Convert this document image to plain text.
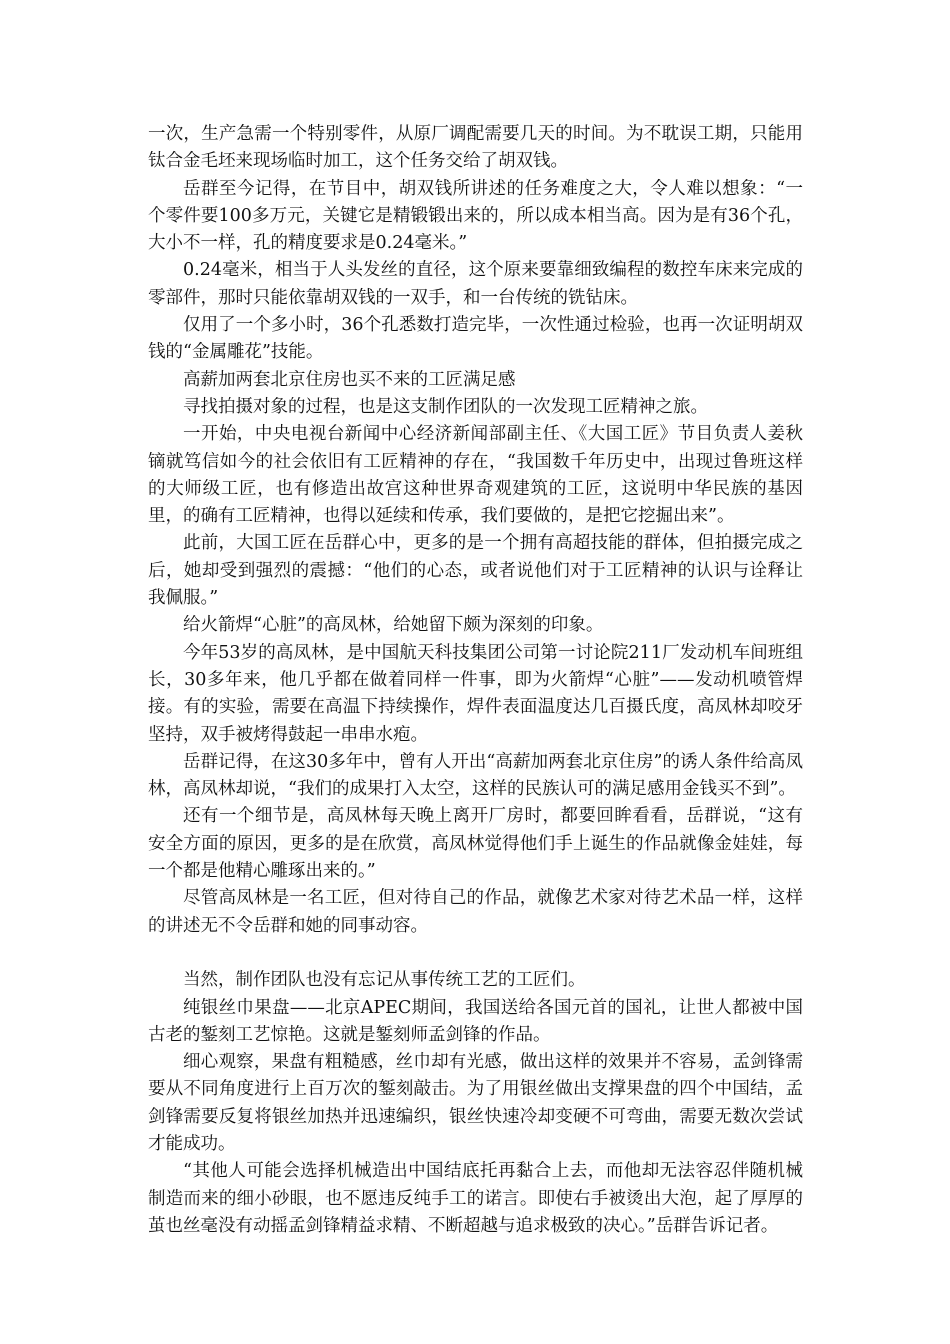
一次，生产急需一个特别零件，从原厂调配需要几天的时间。为不耽误工期，只能用钛合金毛坯来现场临时加工，这个任务交给了胡双钱。

岳群至今记得，在节目中，胡双钱所讲述的任务难度之大，令人难以想象：“一个零件要100多万元，关键它是精锻锻出来的，所以成本相当高。因为是有36个孔，大小不一样，孔的精度要求是0.24毫米。”

0.24毫米，相当于人头发丝的直径，这个原来要靠细致编程的数控车床来完成的零部件，那时只能依靠胡双钱的一双手，和一台传统的铣钻床。

仅用了一个多小时，36个孔悉数打造完毕，一次性通过检验，也再一次证明胡双钱的“金属雕花”技能。

高薪加两套北京住房也买不来的工匠满足感

寻找拍摄对象的过程，也是这支制作团队的一次发现工匠精神之旅。

一开始，中央电视台新闻中心经济新闻部副主任、《大国工匠》节目负责人姜秋镝就笃信如今的社会依旧有工匠精神的存在，“我国数千年历史中，出现过鲁班这样的大师级工匠，也有修造出故宫这种世界奇观建筑的工匠，这说明中华民族的基因里，的确有工匠精神，也得以延续和传承，我们要做的，是把它挖掘出来”。

此前，大国工匠在岳群心中，更多的是一个拥有高超技能的群体，但拍摄完成之后，她却受到强烈的震撼：“他们的心态，或者说他们对于工匠精神的认识与诠释让我佩服。”

给火箭焊“心脏”的高凤林，给她留下颇为深刻的印象。

今年53岁的高凤林，是中国航天科技集团公司第一讨论院211厂发动机车间班组长，30多年来，他几乎都在做着同样一件事，即为火箭焊“心脏”——发动机喷管焊接。有的实验，需要在高温下持续操作，焊件表面温度达几百摄氏度，高凤林却咬牙坚持，双手被烤得鼓起一串串水疱。

岳群记得，在这30多年中，曾有人开出“高薪加两套北京住房”的诱人条件给高凤林，高凤林却说，“我们的成果打入太空，这样的民族认可的满足感用金钱买不到”。

还有一个细节是，高凤林每天晚上离开厂房时，都要回眸看看，岳群说，“这有安全方面的原因，更多的是在欣赏，高凤林觉得他们手上诞生的作品就像金娃娃，每一个都是他精心雕琢出来的。”

尽管高凤林是一名工匠，但对待自己的作品，就像艺术家对待艺术品一样，这样的讲述无不令岳群和她的同事动容。

当然，制作团队也没有忘记从事传统工艺的工匠们。

纯银丝巾果盘——北京APEC期间，我国送给各国元首的国礼，让世人都被中国古老的錾刻工艺惊艳。这就是錾刻师孟剑锋的作品。

细心观察，果盘有粗糙感，丝巾却有光感，做出这样的效果并不容易，孟剑锋需要从不同角度进行上百万次的錾刻敲击。为了用银丝做出支撑果盘的四个中国结，孟剑锋需要反复将银丝加热并迅速编织，银丝快速冷却变硬不可弯曲，需要无数次尝试才能成功。

“其他人可能会选择机械造出中国结底托再黏合上去，而他却无法容忍伴随机械制造而来的细小砂眼，也不愿违反纯手工的诺言。即使右手被烫出大泡，起了厚厚的茧也丝毫没有动摇孟剑锋精益求精、不断超越与追求极致的决心。”岳群告诉记者。
